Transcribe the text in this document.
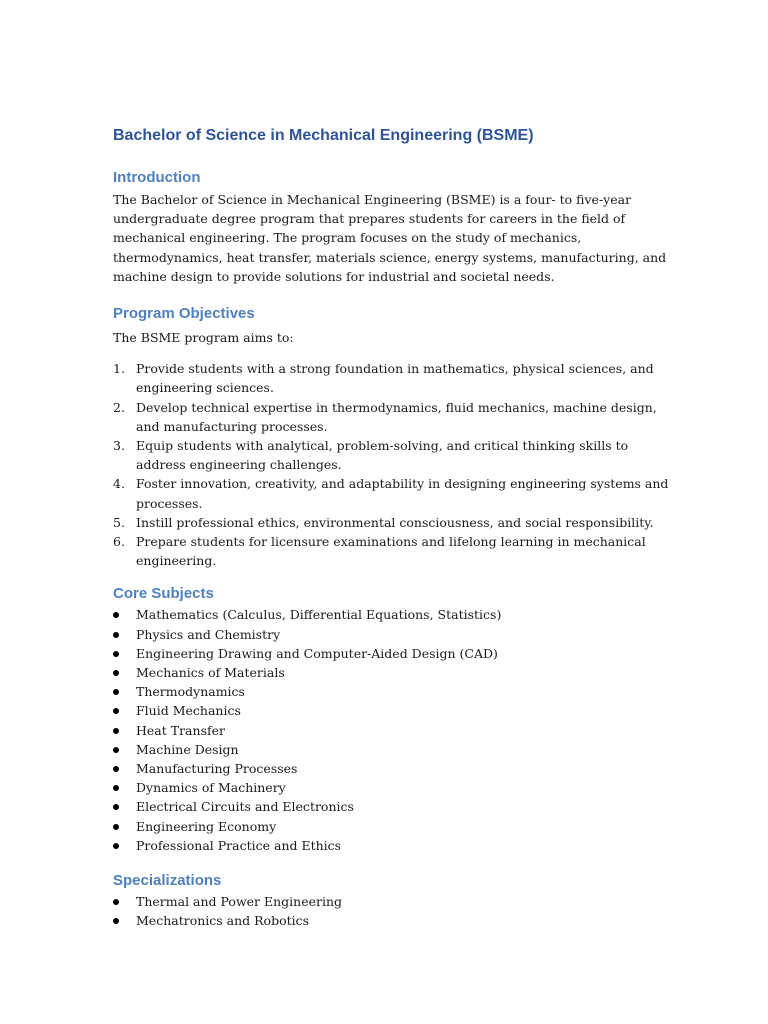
Bachelor of Science in Mechanical Engineering (BSME)
Introduction

The Bachelor of Science in Mechanical Engineering (BSME) is a four- to five-year undergraduate degree program that prepares students for careers in the field of mechanical engineering. The program focuses on the study of mechanics, thermodynamics, heat transfer, materials science, energy systems, manufacturing, and machine design to provide solutions for industrial and societal needs.

Program Objectives

The BSME program aims to:

1. Provide students with a strong foundation in mathematics, physical sciences, and engineering sciences.
2. Develop technical expertise in thermodynamics, fluid mechanics, machine design, and manufacturing processes.
3. Equip students with analytical, problem-solving, and critical thinking skills to address engineering challenges.
4. Foster innovation, creativity, and adaptability in designing engineering systems and processes.
5. Instill professional ethics, environmental consciousness, and social responsibility.
6. Prepare students for licensure examinations and lifelong learning in mechanical engineering.
Core Subjects
Mathematics (Calculus, Differential Equations, Statistics)
Physics and Chemistry
Engineering Drawing and Computer-Aided Design (CAD)
Mechanics of Materials
Thermodynamics
Fluid Mechanics
Heat Transfer
Machine Design
Manufacturing Processes
Dynamics of Machinery
Electrical Circuits and Electronics
Engineering Economy
Professional Practice and Ethics
Specializations
Thermal and Power Engineering
Mechatronics and Robotics
